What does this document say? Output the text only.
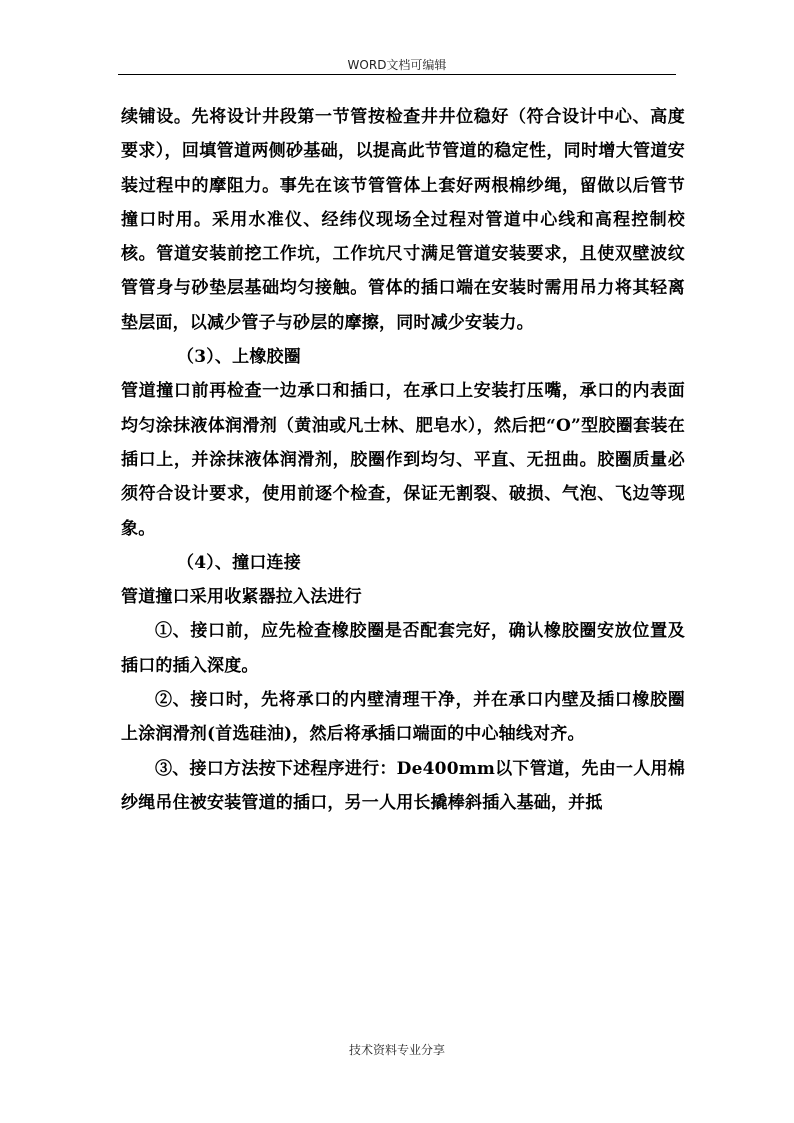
WORD文档可编辑

续铺设。先将设计井段第一节管按检查井井位稳好（符合设计中心、高度要求），回填管道两侧砂基础，以提高此节管道的稳定性，同时增大管道安装过程中的摩阻力。事先在该节管管体上套好两根棉纱绳，留做以后管节撞口时用。采用水准仪、经纬仪现场全过程对管道中心线和高程控制校核。管道安装前挖工作坑，工作坑尺寸满足管道安装要求，且使双壁波纹管管身与砂垫层基础均匀接触。管体的插口端在安装时需用吊力将其轻离垫层面，以减少管子与砂层的摩擦，同时减少安装力。

（3）、上橡胶圈

管道撞口前再检查一边承口和插口，在承口上安装打压嘴，承口的内表面均匀涂抹液体润滑剂（黄油或凡士林、肥皂水），然后把“O”型胶圈套装在插口上，并涂抹液体润滑剂，胶圈作到均匀、平直、无扭曲。胶圈质量必须符合设计要求，使用前逐个检查，保证无割裂、破损、气泡、飞边等现象。

（4）、撞口连接

管道撞口采用收紧器拉入法进行

①、接口前，应先检查橡胶圈是否配套完好，确认橡胶圈安放位置及插口的插入深度。

②、接口时，先将承口的内壁清理干净，并在承口内壁及插口橡胶圈上涂润滑剂(首选硅油)，然后将承插口端面的中心轴线对齐。

③、接口方法按下述程序进行：De400mm以下管道，先由一人用棉纱绳吊住被安装管道的插口，另一人用长撬棒斜插入基础，并抵

技术资料专业分享
